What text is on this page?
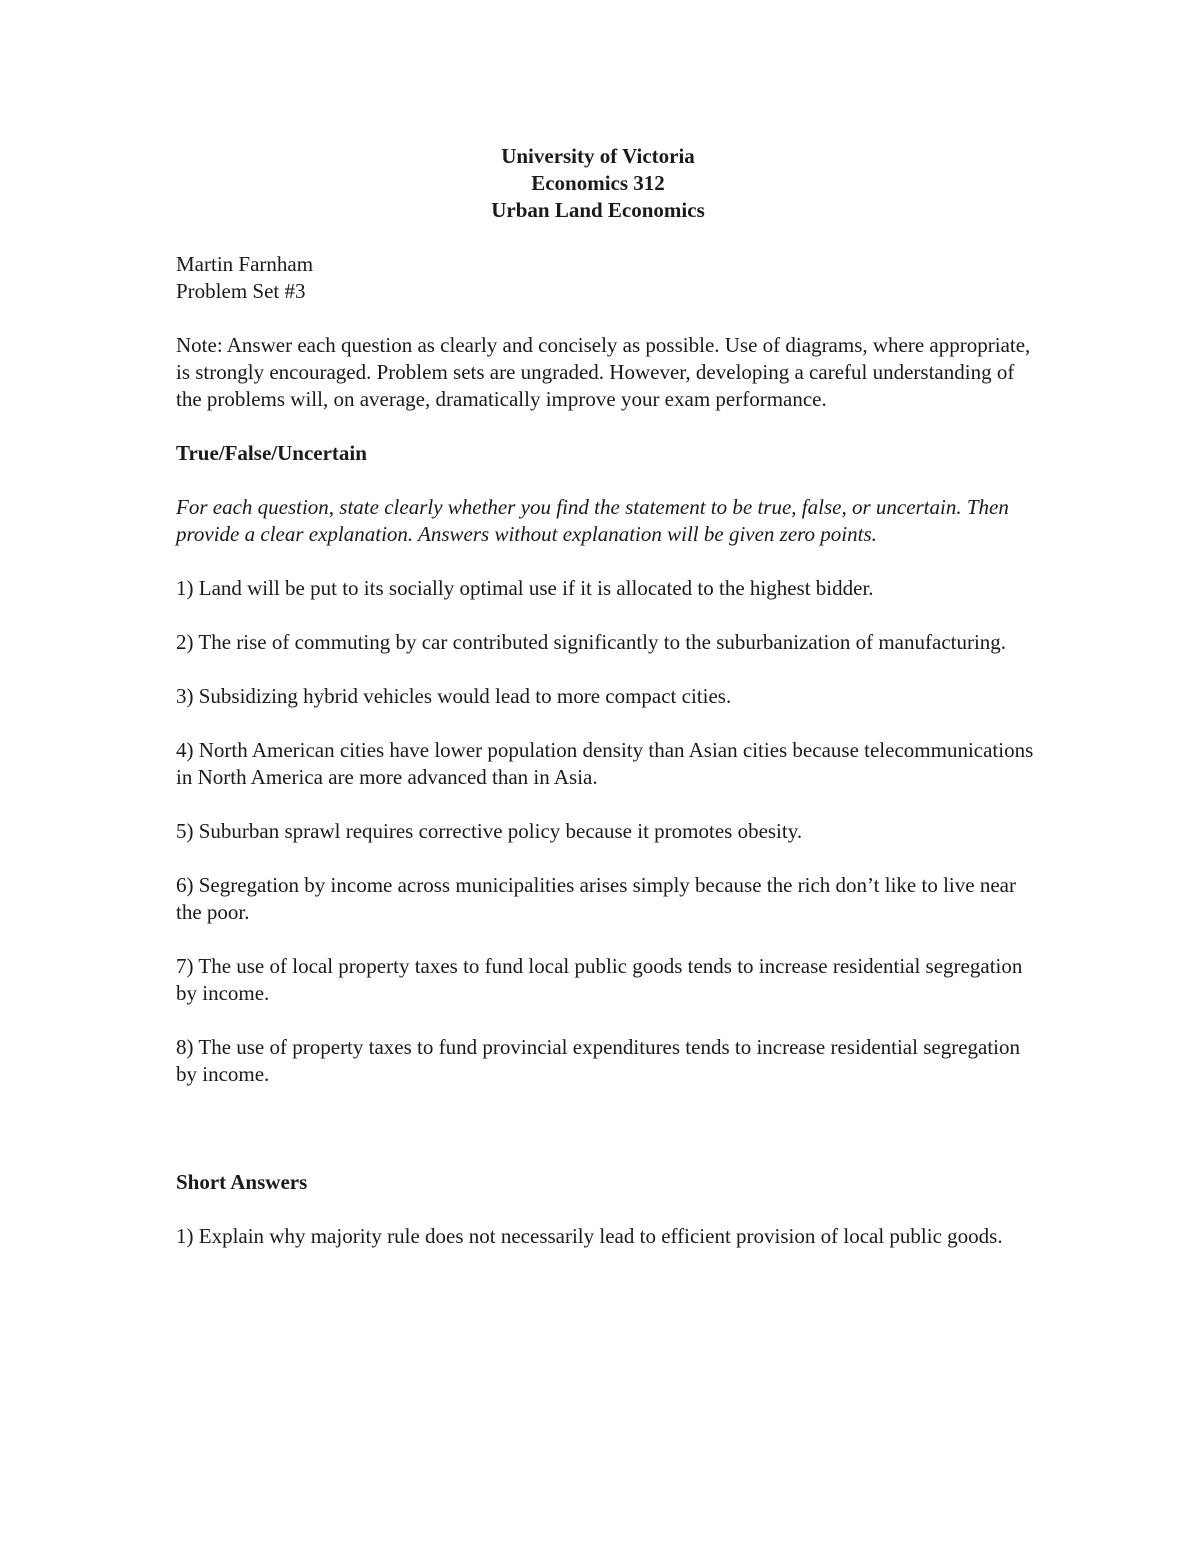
University of Victoria
Economics 312
Urban Land Economics

Martin Farnham

Problem Set #3

Note: Answer each question as clearly and concisely as possible. Use of diagrams, where appropriate, is strongly encouraged. Problem sets are ungraded. However, developing a careful understanding of the problems will, on average, dramatically improve your exam performance.

True/False/Uncertain

For each question, state clearly whether you find the statement to be true, false, or uncertain. Then provide a clear explanation. Answers without explanation will be given zero points.

1) Land will be put to its socially optimal use if it is allocated to the highest bidder.

2) The rise of commuting by car contributed significantly to the suburbanization of manufacturing.

3) Subsidizing hybrid vehicles would lead to more compact cities.

4) North American cities have lower population density than Asian cities because telecommunications in North America are more advanced than in Asia.

5) Suburban sprawl requires corrective policy because it promotes obesity.

6) Segregation by income across municipalities arises simply because the rich don’t like to live near the poor.

7) The use of local property taxes to fund local public goods tends to increase residential segregation by income.

8) The use of property taxes to fund provincial expenditures tends to increase residential segregation by income.

Short Answers

1) Explain why majority rule does not necessarily lead to efficient provision of local public goods.
